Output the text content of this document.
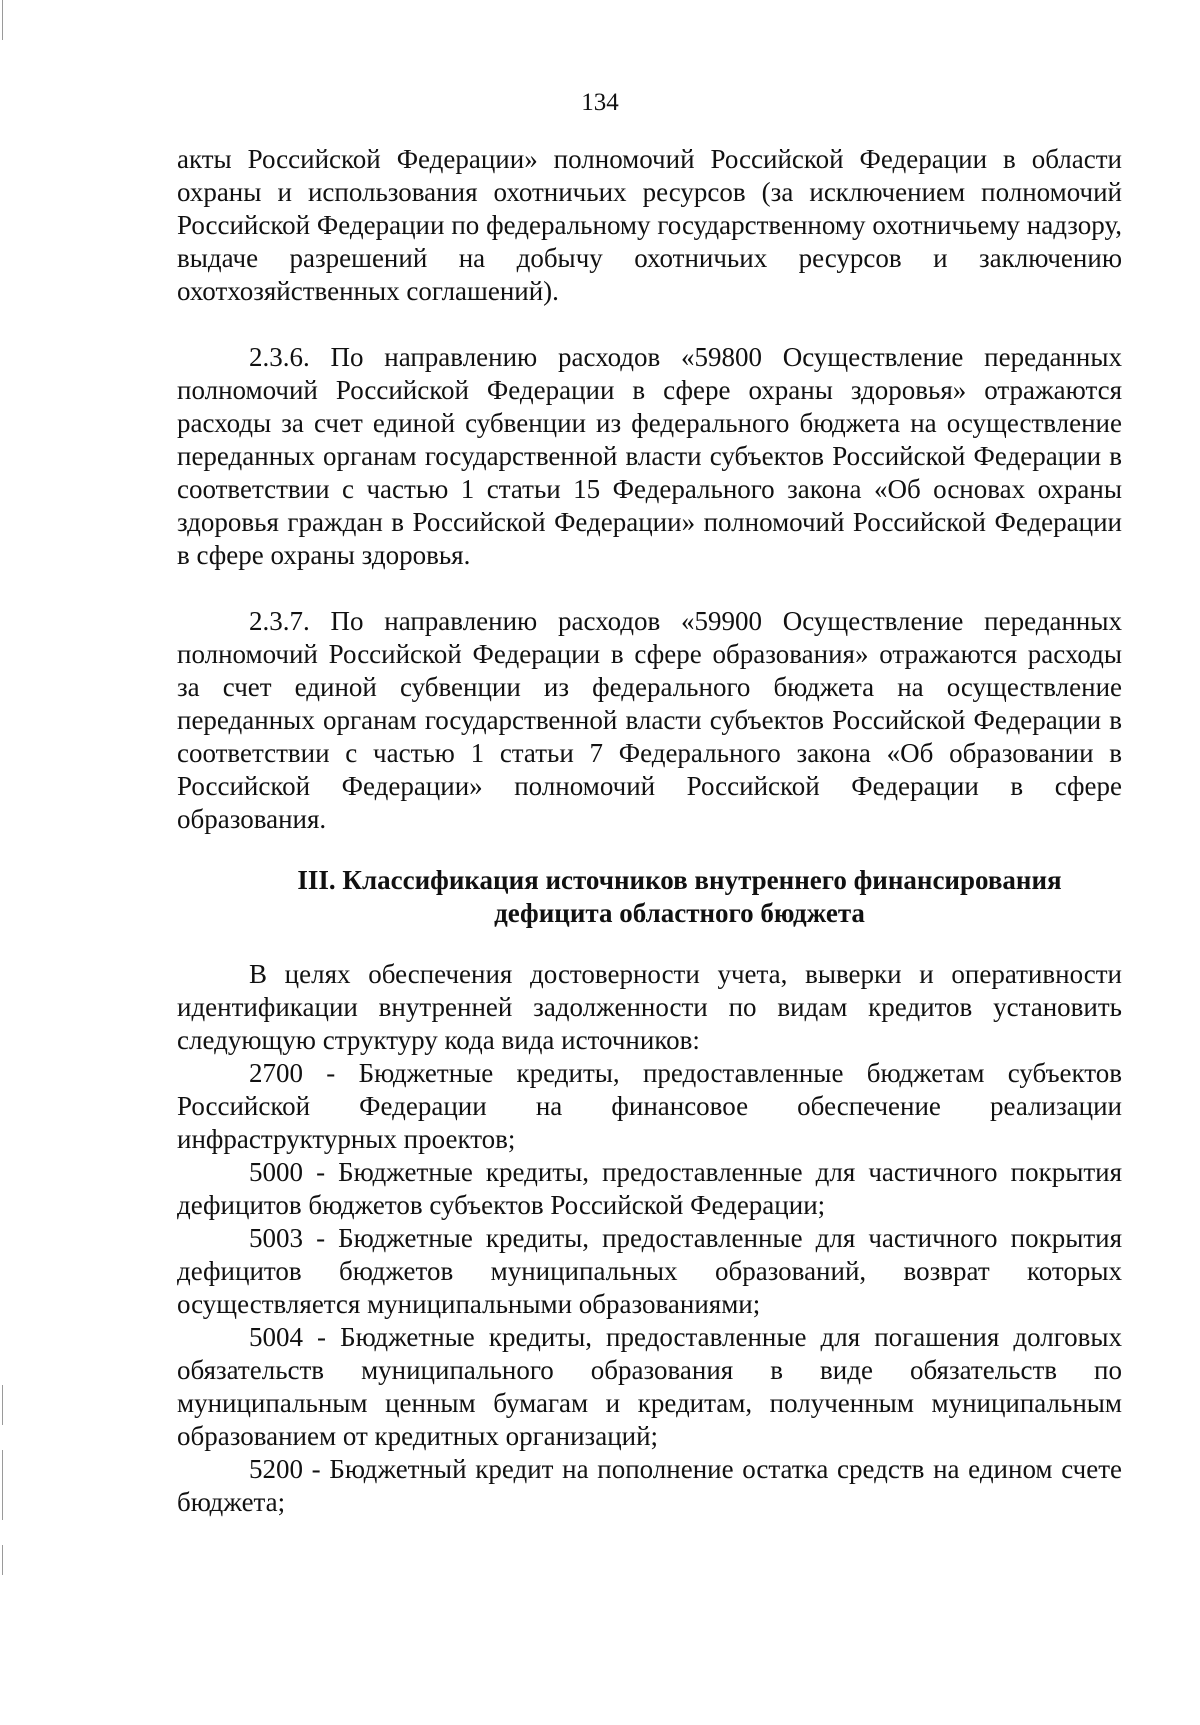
134

акты Российской Федерации» полномочий Российской Федерации в области охраны и использования охотничьих ресурсов (за исключением полномочий Российской Федерации по федеральному государственному охотничьему надзору, выдаче разрешений на добычу охотничьих ресурсов и заключению охотхозяйственных соглашений).

2.3.6. По направлению расходов «59800 Осуществление переданных полномочий Российской Федерации в сфере охраны здоровья» отражаются расходы за счет единой субвенции из федерального бюджета на осуществление переданных органам государственной власти субъектов Российской Федерации в соответствии с частью 1 статьи 15 Федерального закона «Об основах охраны здоровья граждан в Российской Федерации» полномочий Российской Федерации в сфере охраны здоровья.

2.3.7. По направлению расходов «59900 Осуществление переданных полномочий Российской Федерации в сфере образования» отражаются расходы за счет единой субвенции из федерального бюджета на осуществление переданных органам государственной власти субъектов Российской Федерации в соответствии с частью 1 статьи 7 Федерального закона «Об образовании в Российской Федерации» полномочий Российской Федерации в сфере образования.

III. Классификация источников внутреннего финансирования

дефицита областного бюджета

В целях обеспечения достоверности учета, выверки и оперативности идентификации внутренней задолженности по видам кредитов установить следующую структуру кода вида источников:

2700 - Бюджетные кредиты, предоставленные бюджетам субъектов Российской Федерации на финансовое обеспечение реализации инфраструктурных проектов;

5000 - Бюджетные кредиты, предоставленные для частичного покрытия дефицитов бюджетов субъектов Российской Федерации;

5003 - Бюджетные кредиты, предоставленные для частичного покрытия дефицитов бюджетов муниципальных образований, возврат которых осуществляется муниципальными образованиями;

5004 - Бюджетные кредиты, предоставленные для погашения долговых обязательств муниципального образования в виде обязательств по муниципальным ценным бумагам и кредитам, полученным муниципальным образованием от кредитных организаций;

5200 - Бюджетный кредит на пополнение остатка средств на едином счете бюджета;
